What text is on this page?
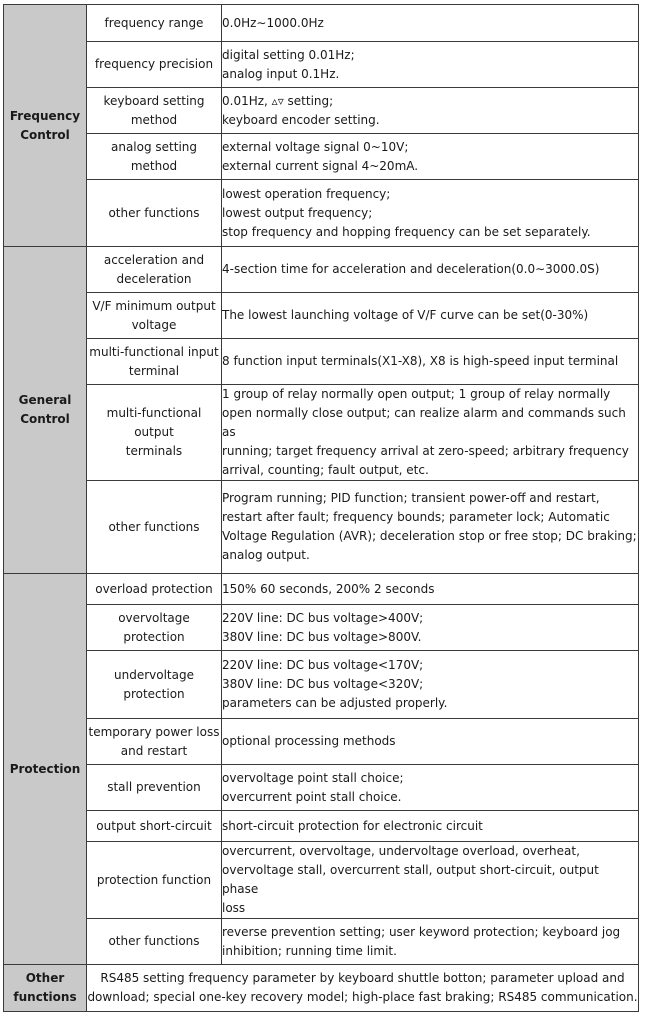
Frequency
Control	frequency range	0.0Hz∼1000.0Hz
	frequency precision	digital setting 0.01Hz;
analog input 0.1Hz.
	keyboard setting
method	0.01Hz, ▵▿ setting;
keyboard encoder setting.
	analog setting
method	external voltage signal 0~10V;
external current signal 4~20mA.
	other functions	lowest operation frequency;
lowest output frequency;
stop frequency and hopping frequency can be set separately.
General
Control	acceleration and
deceleration	4-section time for acceleration and deceleration(0.0∼3000.0S)
	V/F minimum output
voltage	The lowest launching voltage of V/F curve can be set(0-30%)
	multi-functional input
terminal	8 function input terminals(X1-X8), X8 is high-speed input terminal
	multi-functional output
terminals	1 group of relay normally open output; 1 group of relay normally
open normally close output; can realize alarm and commands such as
running; target frequency arrival at zero-speed; arbitrary frequency
arrival, counting; fault output, etc.
	other functions	Program running; PID function; transient power-off and restart,
restart after fault; frequency bounds; parameter lock; Automatic
Voltage Regulation (AVR); deceleration stop or free stop; DC braking;
analog output.
Protection	overload protection	150% 60 seconds, 200% 2 seconds
	overvoltage
protection	220V line: DC bus voltage>400V;
380V line: DC bus voltage>800V.
	undervoltage
protection	220V line: DC bus voltage<170V;
380V line: DC bus voltage<320V;
parameters can be adjusted properly.
	temporary power loss
and restart	optional processing methods
	stall prevention	overvoltage point stall choice;
overcurrent point stall choice.
	output short-circuit	short-circuit protection for electronic circuit
	protection function	overcurrent, overvoltage, undervoltage overload, overheat,
overvoltage stall, overcurrent stall, output short-circuit, output phase
loss
	other functions	reverse prevention setting; user keyword protection; keyboard jog
inhibition; running time limit.
Other
functions	RS485 setting frequency parameter by keyboard shuttle botton; parameter upload and
download; special one-key recovery model; high-place fast braking; RS485 communication.	
